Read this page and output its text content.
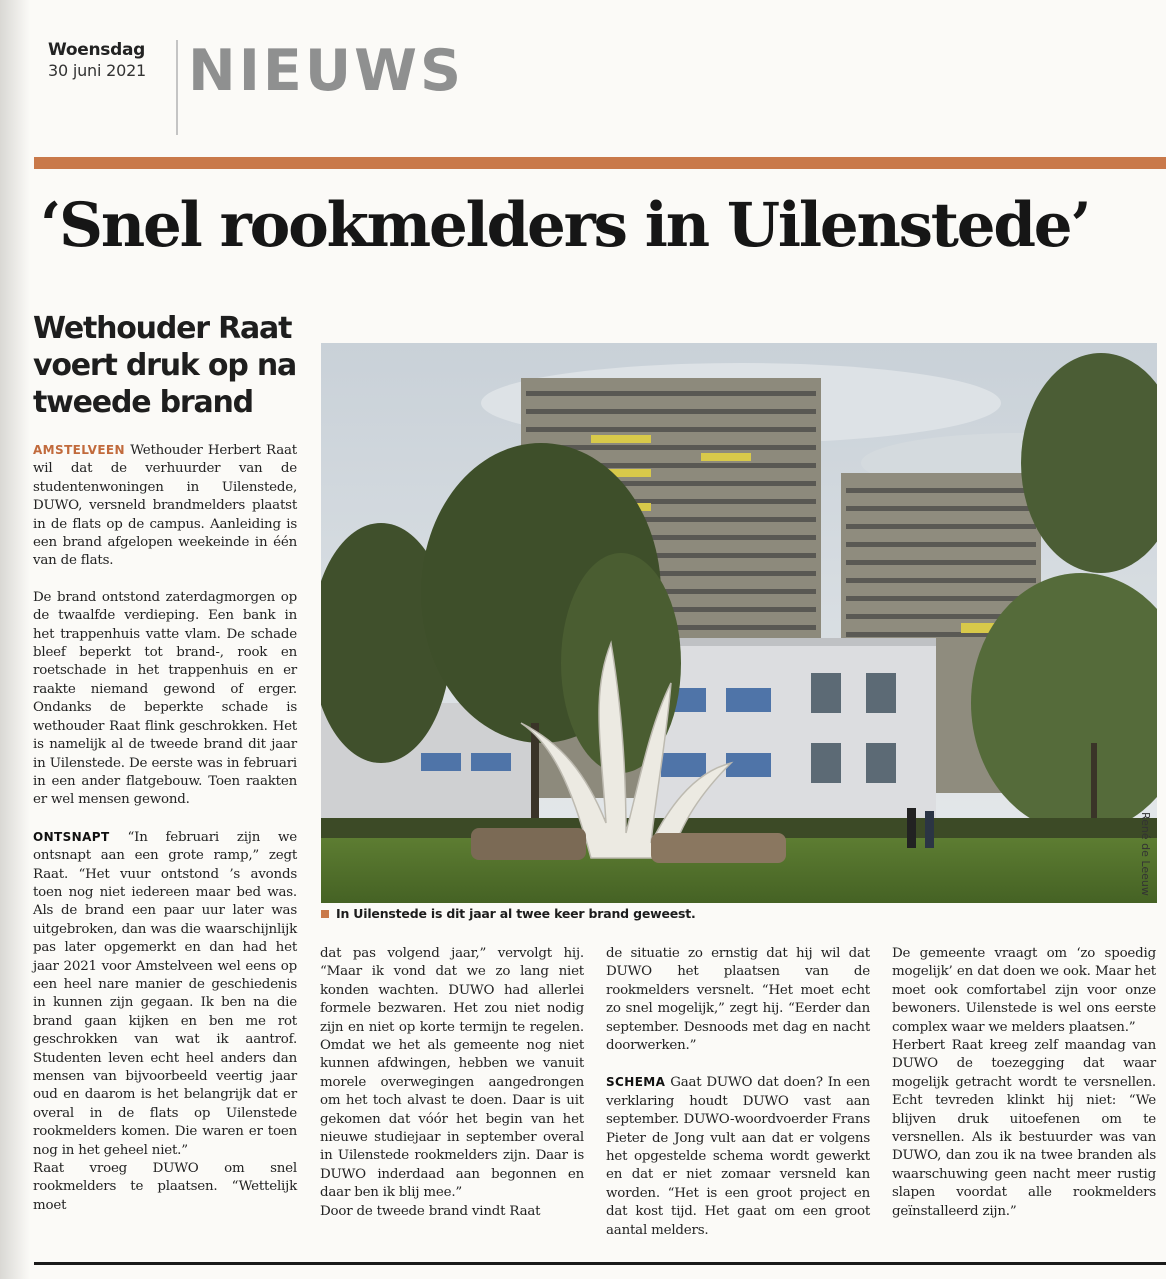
Woensdag
30 juni 2021 NIEUWS
‘Snel rookmelders in Uilenstede’
Wethouder Raat voert druk op na tweede brand

AMSTELVEEN Wethouder Herbert Raat wil dat de verhuurder van de studentenwoningen in Uilenstede, DUWO, versneld brandmelders plaatst in de flats op de campus. Aanleiding is een brand afgelopen weekeinde in één van de flats.

De brand ontstond zaterdagmorgen op de twaalfde verdieping. Een bank in het trappenhuis vatte vlam. De schade bleef beperkt tot brand-, rook en roetschade in het trappenhuis en er raakte niemand gewond of erger. Ondanks de beperkte schade is wethouder Raat flink geschrokken. Het is namelijk al de tweede brand dit jaar in Uilenstede. De eerste was in februari in een ander flatgebouw. Toen raakten er wel mensen gewond.

ONTSNAPT “In februari zijn we ontsnapt aan een grote ramp,” zegt Raat. “Het vuur ontstond ’s avonds toen nog niet iedereen maar bed was. Als de brand een paar uur later was uitgebroken, dan was die waarschijnlijk pas later opgemerkt en dan had het jaar 2021 voor Amstelveen wel eens op een heel nare manier de geschiedenis in kunnen zijn gegaan. Ik ben na die brand gaan kijken en ben me rot geschrokken van wat ik aantrof. Studenten leven echt heel anders dan mensen van bijvoorbeeld veertig jaar oud en daarom is het belangrijk dat er overal in de flats op Uilenstede rookmelders komen. Die waren er toen nog in het geheel niet.”

Raat vroeg DUWO om snel rookmelders te plaatsen. “Wettelijk moet

René de Leeuw
In Uilenstede is dit jaar al twee keer brand geweest.

dat pas volgend jaar,” vervolgt hij. “Maar ik vond dat we zo lang niet konden wachten. DUWO had allerlei formele bezwaren. Het zou niet nodig zijn en niet op korte termijn te regelen. Omdat we het als gemeente nog niet kunnen afdwingen, hebben we vanuit morele overwegingen aangedrongen om het toch alvast te doen. Daar is uit gekomen dat vóór het begin van het nieuwe studiejaar in september overal in Uilenstede rookmelders zijn. Daar is DUWO inderdaad aan begonnen en daar ben ik blij mee.”

Door de tweede brand vindt Raat

de situatie zo ernstig dat hij wil dat DUWO het plaatsen van de rookmelders versnelt. “Het moet echt zo snel mogelijk,” zegt hij. “Eerder dan september. Desnoods met dag en nacht doorwerken.”

SCHEMA Gaat DUWO dat doen? In een verklaring houdt DUWO vast aan september. DUWO-woordvoerder Frans Pieter de Jong vult aan dat er volgens het opgestelde schema wordt gewerkt en dat er niet zomaar versneld kan worden. “Het is een groot project en dat kost tijd. Het gaat om een groot aantal melders.

De gemeente vraagt om ‘zo spoedig mogelijk’ en dat doen we ook. Maar het moet ook comfortabel zijn voor onze bewoners. Uilenstede is wel ons eerste complex waar we melders plaatsen.”

Herbert Raat kreeg zelf maandag van DUWO de toezegging dat waar mogelijk getracht wordt te versnellen. Echt tevreden klinkt hij niet: “We blijven druk uitoefenen om te versnellen. Als ik bestuurder was van DUWO, dan zou ik na twee branden als waarschuwing geen nacht meer rustig slapen voordat alle rookmelders geïnstalleerd zijn.”
